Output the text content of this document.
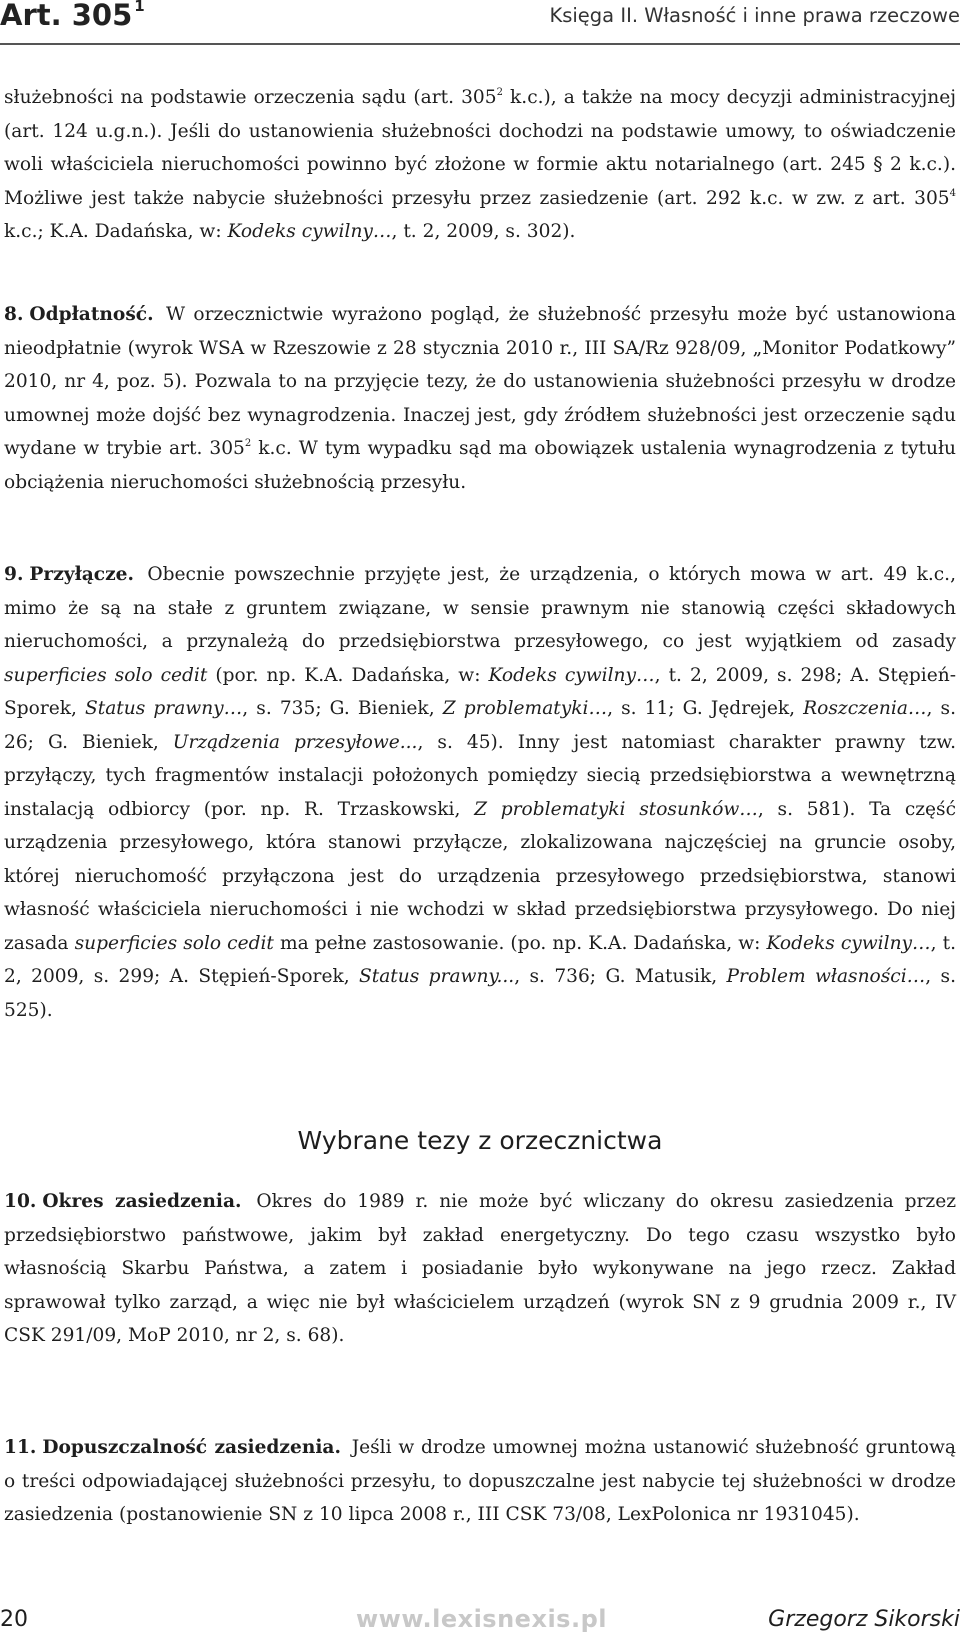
Art. 305 $^1$	Księga II. Własność i inne prawa rzeczowe
służebności na podstawie orzeczenia sądu (art. $305^2$ k.c.), a także na mocy decyzji administracyjnej (art. 124 u.g.n.). Jeśli do ustanowienia służebności dochodzi na podstawie umowy, to oświadczenie woli właściciela nieruchomości powinno być złożone w formie aktu notarialnego (art. 245 § 2 k.c.). Możliwe jest także nabycie służebności przesyłu przez zasiedzenie (art. 292 k.c. w zw. z art. $305^4$ k.c.; K.A. Dadańska, w: Kodeks cywilny…, t. 2, 2009, s. 302).
8. Odpłatność. W orzecznictwie wyrażono pogląd, że służebność przesyłu może być ustanowiona nieodpłatnie (wyrok WSA w Rzeszowie z 28 stycznia 2010 r., III SA/Rz 928/09, „Monitor Podatkowy” 2010, nr 4, poz. 5). Pozwala to na przyjęcie tezy, że do ustanowienia służebności przesyłu w drodze umownej może dojść bez wynagrodzenia. Inaczej jest, gdy źródłem służebności jest orzeczenie sądu wydane w trybie art. $305^2$ k.c. W tym wypadku sąd ma obowiązek ustalenia wynagrodzenia z tytułu obciążenia nieruchomości służebnością przesyłu.
9. Przyłącze. Obecnie powszechnie przyjęte jest, że urządzenia, o których mowa w art. 49 k.c., mimo że są na stałe z gruntem związane, w sensie prawnym nie stanowią części składowych nieruchomości, a przynależą do przedsiębiorstwa przesyłowego, co jest wyjątkiem od zasady superficies solo cedit (por. np. K.A. Dadańska, w: Kodeks cywilny…, t. 2, 2009, s. 298; A. Stępień-Sporek, Status prawny…, s. 735; G. Bieniek, Z problematyki…, s. 11; G. Jędrejek, Roszczenia…, s. 26; G. Bieniek, Urządzenia przesyłowe..., s. 45). Inny jest natomiast charakter prawny tzw. przyłączy, tych fragmentów instalacji położonych pomiędzy siecią przedsiębiorstwa a wewnętrzną instalacją odbiorcy (por. np. R. Trzaskowski, Z problematyki stosunków…, s. 581). Ta część urządzenia przesyłowego, która stanowi przyłącze, zlokalizowana najczęściej na gruncie osoby, której nieruchomość przyłączona jest do urządzenia przesyłowego przedsiębiorstwa, stanowi własność właściciela nieruchomości i nie wchodzi w skład przedsiębiorstwa przysyłowego. Do niej zasada superficies solo cedit ma pełne zastosowanie. (po. np. K.A. Dadańska, w: Kodeks cywilny…, t. 2, 2009, s. 299; A. Stępień-Sporek, Status prawny..., s. 736; G. Matusik, Problem własności…, s. 525).
Wybrane tezy z orzecznictwa
10. Okres zasiedzenia. Okres do 1989 r. nie może być wliczany do okresu zasiedzenia przez przedsiębiorstwo państwowe, jakim był zakład energetyczny. Do tego czasu wszystko było własnością Skarbu Państwa, a zatem i posiadanie było wykonywane na jego rzecz. Zakład sprawował tylko zarząd, a więc nie był właścicielem urządzeń (wyrok SN z 9 grudnia 2009 r., IV CSK 291/09, MoP 2010, nr 2, s. 68).
11. Dopuszczalność zasiedzenia. Jeśli w drodze umownej można ustanowić służebność gruntową o treści odpowiadającej służebności przesyłu, to dopuszczalne jest nabycie tej służebności w drodze zasiedzenia (postanowienie SN z 10 lipca 2008 r., III CSK 73/08, LexPolonica nr 1931045).
20	www.lexisnexis.pl	Grzegorz Sikorski
